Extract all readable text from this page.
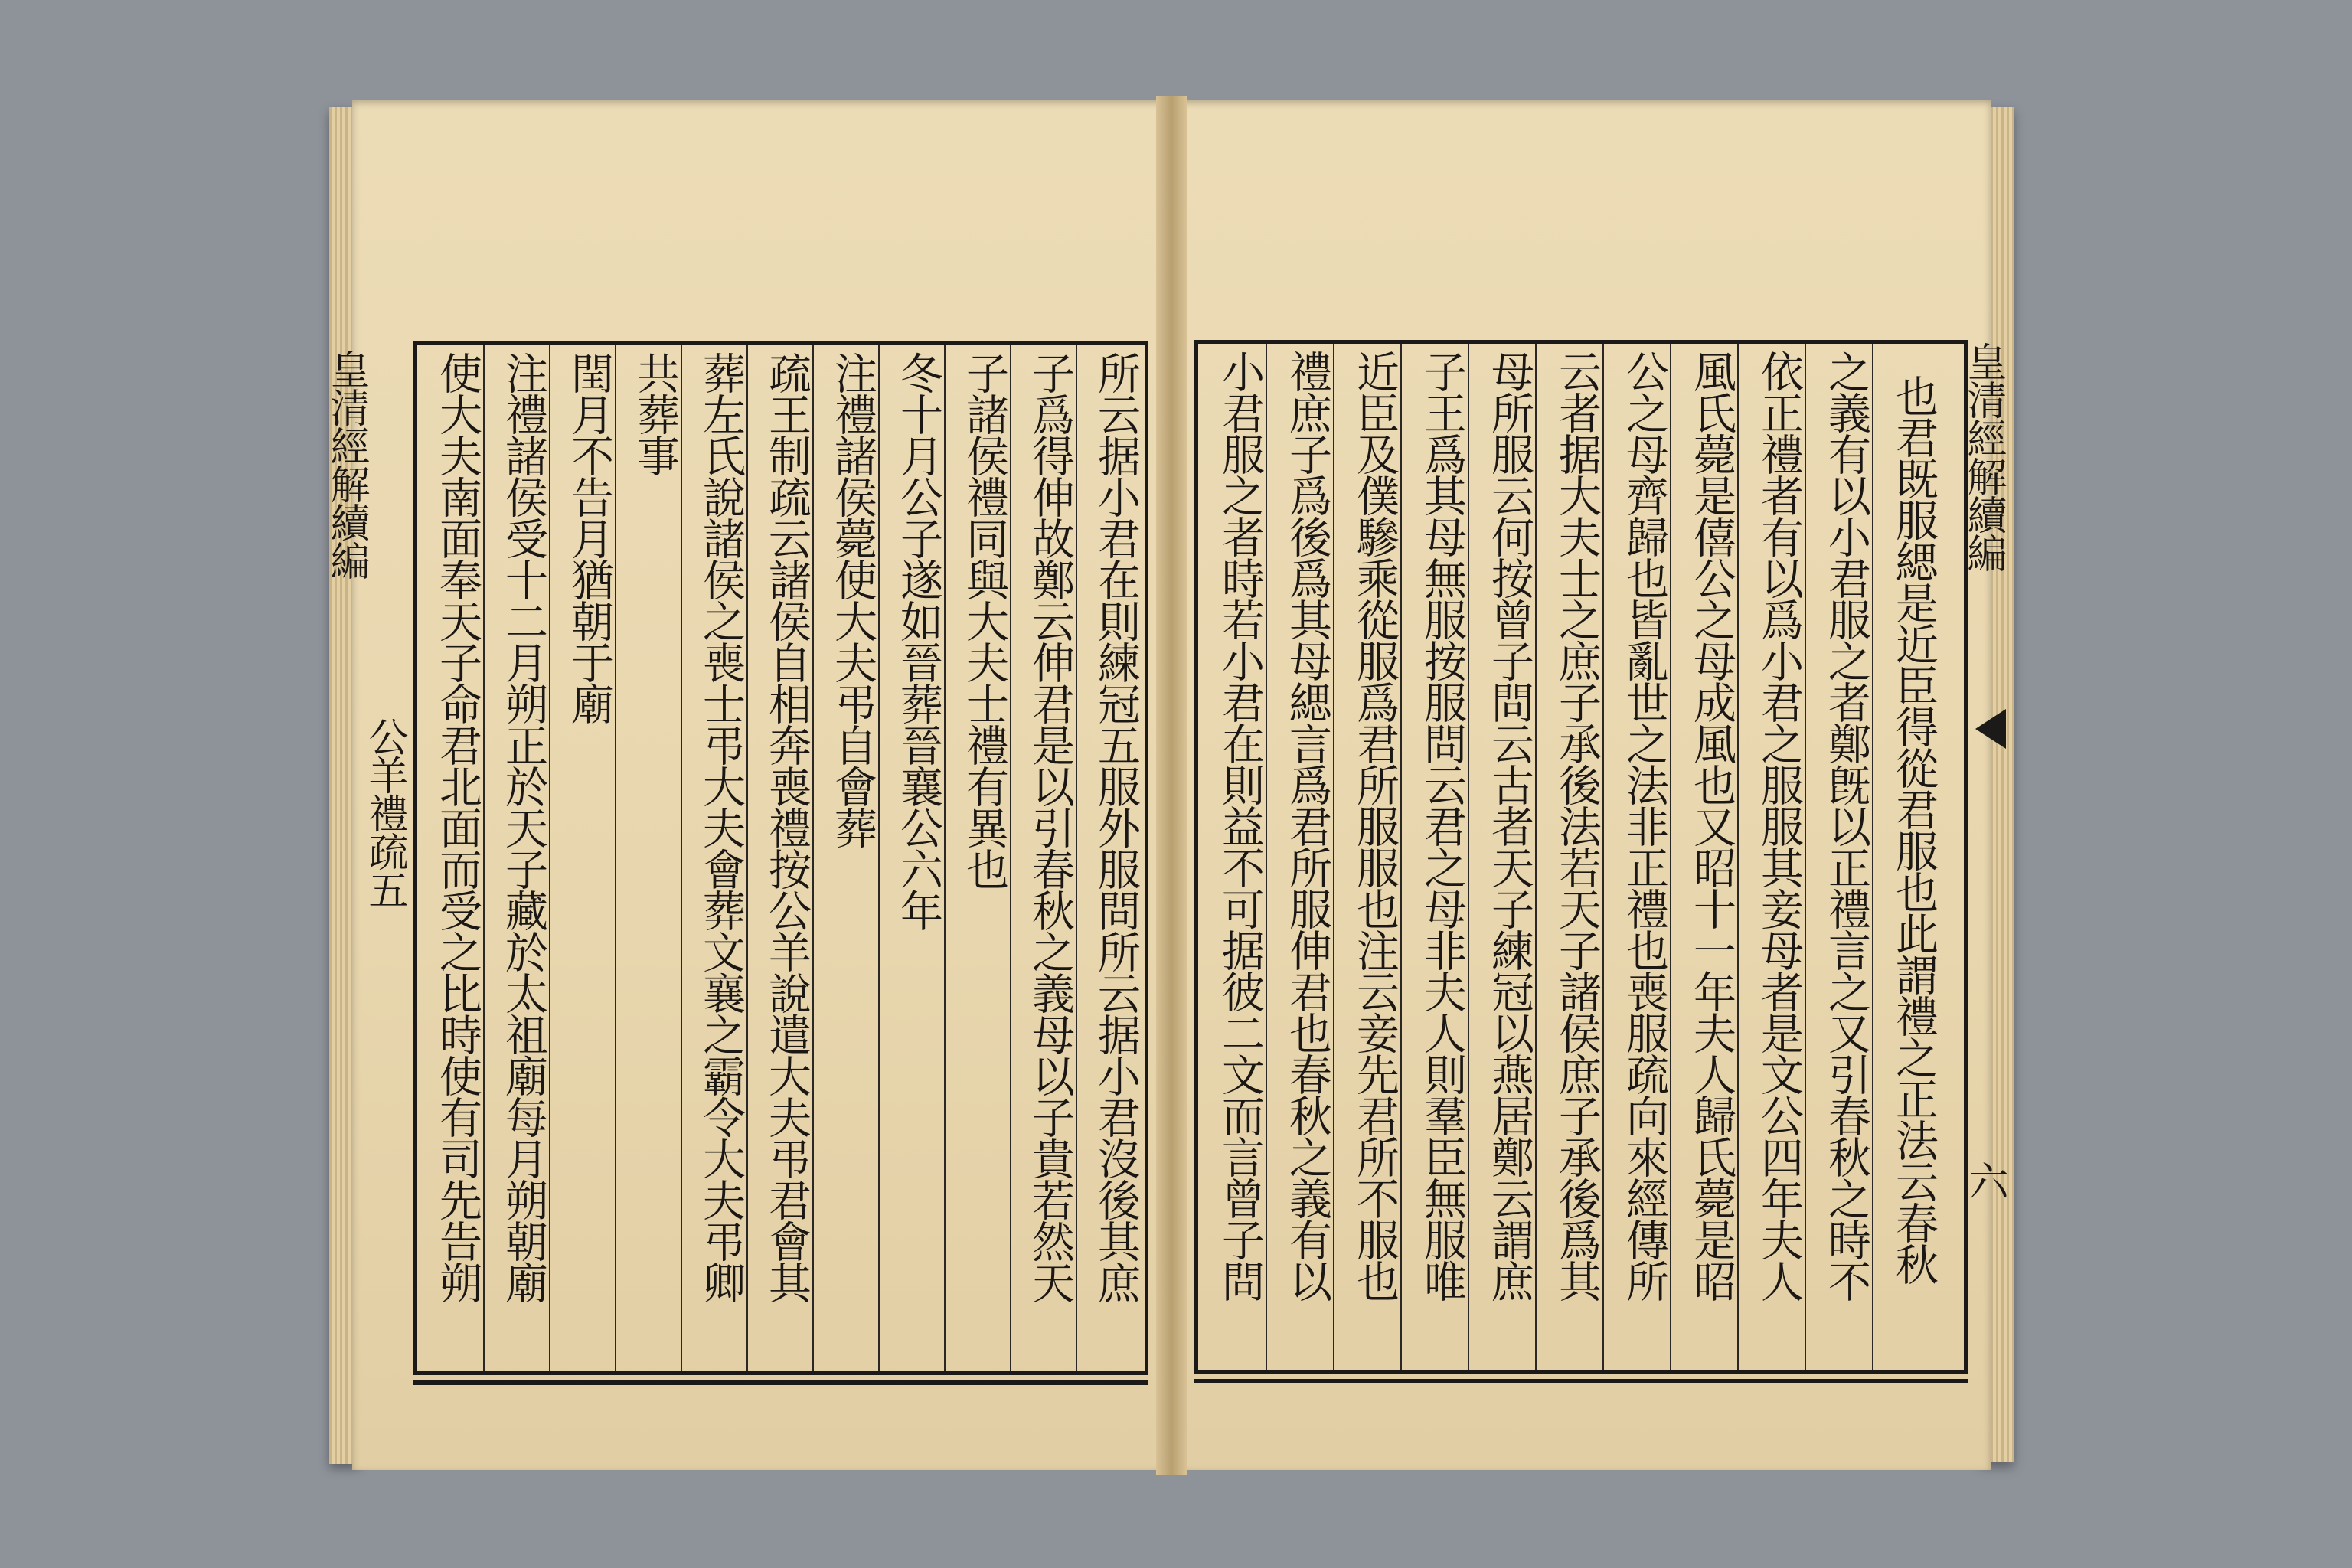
皇清經解續編
公羊禮疏五	所云据小君在則練冠五服外服問所云据小君沒後其庶
子爲得伸故鄭云伸君是以引春秋之義母以子貴若然天
子諸侯禮同與大夫士禮有異也
冬十月公子遂如晉葬晉襄公六年
注禮諸侯薨使大夫弔自會葬
疏王制疏云諸侯自相奔喪禮按公羊說遣大夫弔君會其
葬左氏說諸侯之喪士弔大夫會葬文襄之霸令大夫弔卿
共葬事
閏月不告月猶朝于廟
注禮諸侯受十二月朔正於天子藏於太祖廟每月朔朝廟
使大夫南面奉天子命君北面而受之比時使有司先告朔	也君既服緦是近臣得從君服也此謂禮之正法云春秋
之義有以小君服之者鄭旣以正禮言之又引春秋之時不
依正禮者有以爲小君之服服其妾母者是文公四年夫人
風氏薨是僖公之母成風也又昭十一年夫人歸氏薨是昭
公之母齊歸也皆亂世之法非正禮也喪服疏向來經傳所
云者据大夫士之庶子承後法若天子諸侯庶子承後爲其
母所服云何按曾子問云古者天子練冠以燕居鄭云謂庶
子王爲其母無服按服問云君之母非夫人則羣臣無服唯
近臣及僕驂乘從服爲君所服服也注云妾先君所不服也
禮庶子爲後爲其母緦言爲君所服伸君也春秋之義有以
小君服之者時若小君在則益不可据彼二文而言曾子問	皇清經解續編
六
